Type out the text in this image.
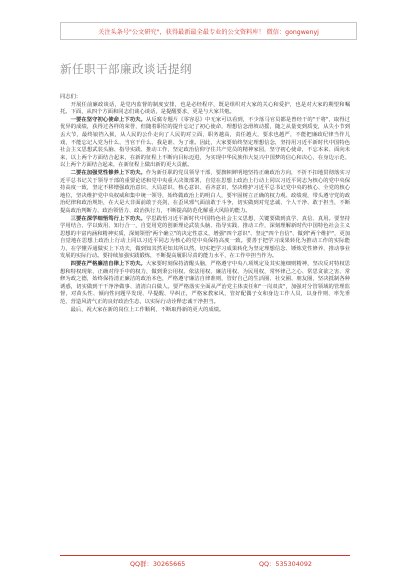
关注头条号"公文研究"，获得最新最全最专业的公文资料库！ 微信：gongwenyj
新任职干部廉政谈话提纲

同志们：

开展任前廉政谈话，是党内监督的制度安排，也是必经程序，既是组织对大家的关心和爱护，也是对大家的期望和嘱托。下面，从四个方面和同志们谈心谈话，是提醒要求，更是与大家共勉。

一要在坚守初心使命上下功夫。从反腐专题片《零容忍》中无家可以看到，不少落马官员都是曾经干的"干将"，取得过优异的成绩，获得过各样的荣誉，但随着职位的提升忘记了初心使命，理想信念滑坡动摇，随之从量变到质变，从失小节到丢大节，最终锒铛入狱，从人民的公仆走向了人民的对立面，职务越高，责任越大，要求也越严，不能把廉政纪律当作儿戏，不能忘记入党为什么、当官干什么、我是谁、为了谁。因此，大家要始终坚定理想信念，坚持用习近平新时代中国特色社会主义思想武装头脑、指导实践、推动工作，坚定政治信仰守住共产党员的精神家园，坚守初心使命，不忘本来、面向未来，以上两个方面结合起来，在新的征程上不断向目标迈进，为实现中华民族伟大复兴中国梦的信心和决心，在身边示范、以上两个方面结合起来，在新征程上做出新的更大贡献。

二要在加强党性修养上下功夫。作为新任职的党员领导干部，要旗帜鲜明地坚持正确政治方向，不折不扣地贯彻落实习近平总书记关于领导干部的重要论述和党中央重大决策部署，自觉在思想上政治上行动上同以习近平同志为核心的党中央保持高度一致，坚定不移增强政治意识、大局意识、核心意识、看齐意识，坚决维护习近平总书记党中央的核心、全党的核心地位，坚决维护党中央权威和集中统一领导，始终做政治上的明白人，要牢固树立正确的权力观、政绩观，带头遵守党的政治纪律和政治规矩，在大是大非面前敢于亮剑，在歪风邪气面前敢于斗争，切实做到对党忠诚、个人干净、敢于担当，不断提高政治判断力、政治领悟力、政治执行力，不断提高防范化解重大风险的能力。

三要在深学细悟笃行上下功夫。学思践悟习近平新时代中国特色社会主义思想，关键要做到真学、真信、真用。要坚持学用结合、学以致用、知行合一，自觉用党的创新理论武装头脑、指导实践、推动工作，深刻理解新时代中国特色社会主义思想的丰富内涵和精神实质，深刻领悟"两个确立"的决定性意义，增强"四个意识"、坚定"四个自信"、做到"两个维护"，更加自觉地在思想上政治上行动上同以习近平同志为核心的党中央保持高度一致。要善于把学习成果转化为推动工作的实际能力，在学懂弄通做实上下功夫，做到知其然更知其所以然，切实把学习成果转化为坚定理想信念、锤炼党性修养、推动事业发展的实际行动。要持续加强实践锻炼，不断提高履职尽责的能力水平，在工作中担当作为。

四要在严格廉洁自律上下功夫。大家要时刻保持清醒头脑，严格遵守中央八项规定及其实施细则精神，坚决反对特权思想和特权现象，正确对待手中的权力，做到秉公用权、依法用权、廉洁用权、为民用权，常怀律己之心、常思贪欲之害、常修为政之德，始终保持清正廉洁的政治本色，严格遵守廉洁自律准则，管好自己的生活圈、社交圈、朋友圈，坚决抵制各种诱惑，切实做到干干净净做事、清清白白做人。要严格落实全面从严治党主体责任和"一岗双责"，加强对分管领域的管理监督，对苗头性、倾向性问题早发现、早提醒、早纠正，严格家教家风，管好配偶子女和身边工作人员，以身作则、率先垂范，营造风清气正的良好政治生态，以实际行动诠释忠诚干净担当。

最后，祝大家在新的岗位上工作顺利，不断取得新的更大的成绩。

QQ群：30265665	QQ：535304092
